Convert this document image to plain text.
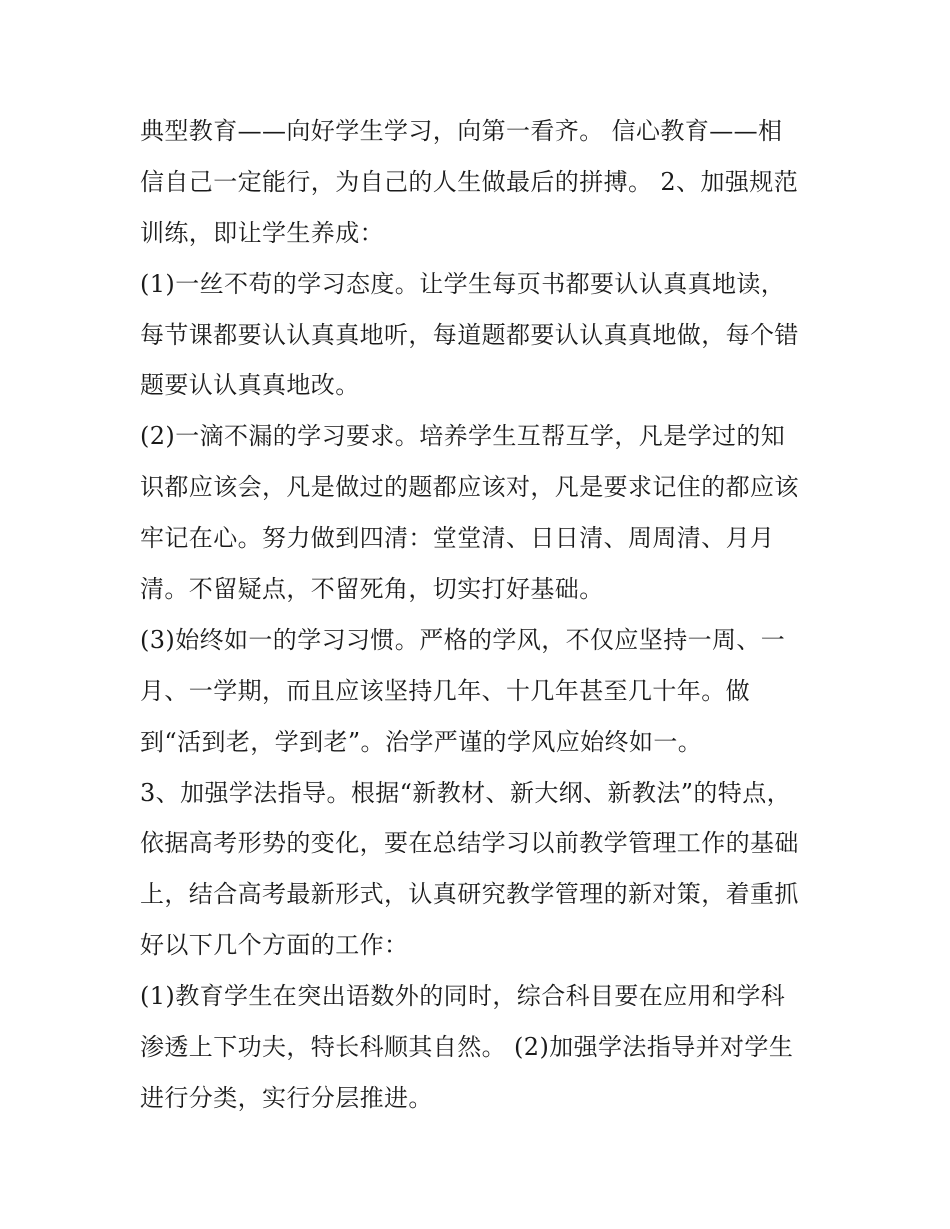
典型教育——向好学生学习，向第一看齐。 信心教育——相
信自己一定能行，为自己的人生做最后的拼搏。 2、加强规范
训练，即让学生养成：
(1)一丝不苟的学习态度。让学生每页书都要认认真真地读，
每节课都要认认真真地听，每道题都要认认真真地做，每个错
题要认认真真地改。
(2)一滴不漏的学习要求。培养学生互帮互学，凡是学过的知
识都应该会，凡是做过的题都应该对，凡是要求记住的都应该
牢记在心。努力做到四清：堂堂清、日日清、周周清、月月
清。不留疑点，不留死角，切实打好基础。
(3)始终如一的学习习惯。严格的学风，不仅应坚持一周、一
月、一学期，而且应该坚持几年、十几年甚至几十年。做
到“活到老，学到老”。治学严谨的学风应始终如一。
3、加强学法指导。根据“新教材、新大纲、新教法”的特点，
依据高考形势的变化，要在总结学习以前教学管理工作的基础
上，结合高考最新形式，认真研究教学管理的新对策，着重抓
好以下几个方面的工作：
(1)教育学生在突出语数外的同时，综合科目要在应用和学科
渗透上下功夫，特长科顺其自然。 (2)加强学法指导并对学生
进行分类，实行分层推进。
